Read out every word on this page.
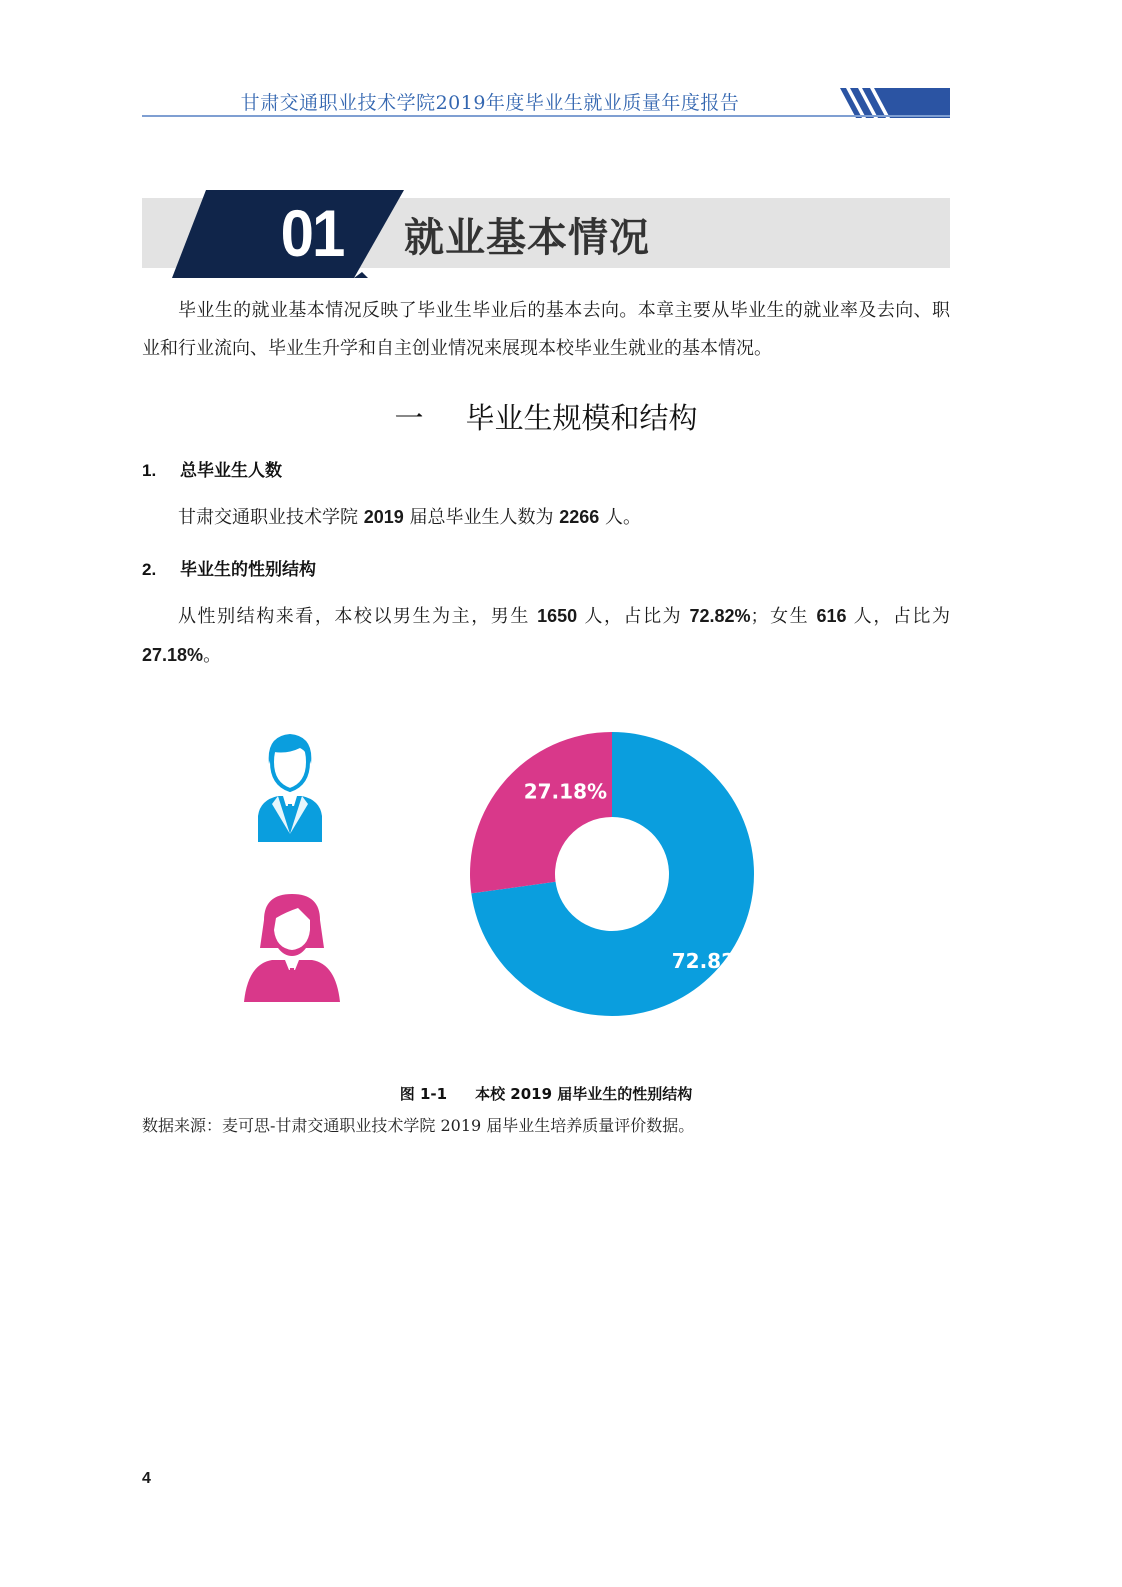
甘肃交通职业技术学院2019年度毕业生就业质量年度报告
01	就业基本情况
毕业生的就业基本情况反映了毕业生毕业后的基本去向。本章主要从毕业生的就业率及去向、职业和行业流向、毕业生升学和自主创业情况来展现本校毕业生就业的基本情况。
一 毕业生规模和结构
1. 总毕业生人数
甘肃交通职业技术学院 2019 届总毕业生人数为 2266 人。
2. 毕业生的性别结构
从性别结构来看，本校以男生为主，男生 1650 人，占比为 72.82%；女生 616 人，占比为 27.18%。
72.82%
27.18%
图 1-1 本校 2019 届毕业生的性别结构
数据来源：麦可思-甘肃交通职业技术学院 2019 届毕业生培养质量评价数据。
4
